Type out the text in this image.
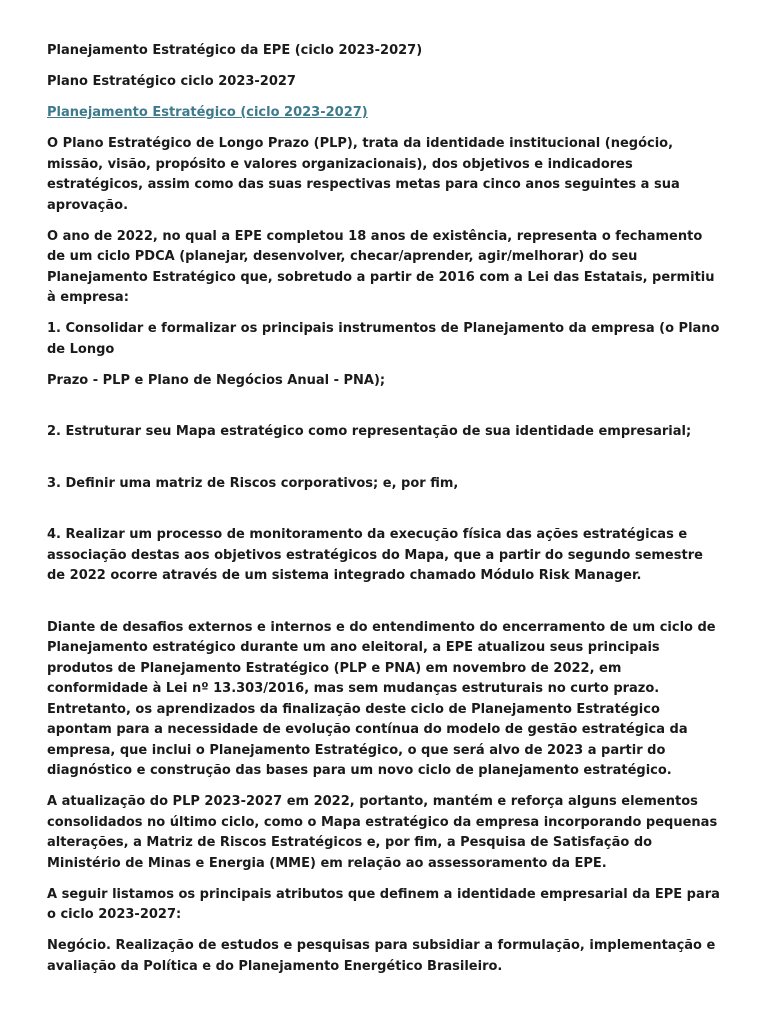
Planejamento Estratégico da EPE (ciclo 2023-2027)

Plano Estratégico ciclo 2023-2027

Planejamento Estratégico (ciclo 2023-2027)

O Plano Estratégico de Longo Prazo (PLP), trata da identidade institucional (negócio, missão, visão, propósito e valores organizacionais), dos objetivos e indicadores estratégicos, assim como das suas respectivas metas para cinco anos seguintes a sua aprovação.

O ano de 2022, no qual a EPE completou 18 anos de existência, representa o fechamento de um ciclo PDCA (planejar, desenvolver, checar/aprender, agir/melhorar) do seu Planejamento Estratégico que, sobretudo a partir de 2016 com a Lei das Estatais, permitiu à empresa:

1. Consolidar e formalizar os principais instrumentos de Planejamento da empresa (o Plano de Longo

Prazo - PLP e Plano de Negócios Anual - PNA);

2. Estruturar seu Mapa estratégico como representação de sua identidade empresarial;

3. Definir uma matriz de Riscos corporativos; e, por fim,

4. Realizar um processo de monitoramento da execução física das ações estratégicas e associação destas aos objetivos estratégicos do Mapa, que a partir do segundo semestre de 2022 ocorre através de um sistema integrado chamado Módulo Risk Manager.

Diante de desafios externos e internos e do entendimento do encerramento de um ciclo de Planejamento estratégico durante um ano eleitoral, a EPE atualizou seus principais produtos de Planejamento Estratégico (PLP e PNA) em novembro de 2022, em conformidade à Lei nº 13.303/2016, mas sem mudanças estruturais no curto prazo. Entretanto, os aprendizados da finalização deste ciclo de Planejamento Estratégico apontam para a necessidade de evolução contínua do modelo de gestão estratégica da empresa, que inclui o Planejamento Estratégico, o que será alvo de 2023 a partir do diagnóstico e construção das bases para um novo ciclo de planejamento estratégico.

A atualização do PLP 2023-2027 em 2022, portanto, mantém e reforça alguns elementos consolidados no último ciclo, como o Mapa estratégico da empresa incorporando pequenas alterações, a Matriz de Riscos Estratégicos e, por fim, a Pesquisa de Satisfação do Ministério de Minas e Energia (MME) em relação ao assessoramento da EPE.

A seguir listamos os principais atributos que definem a identidade empresarial da EPE para o ciclo 2023-2027:

Negócio. Realização de estudos e pesquisas para subsidiar a formulação, implementação e avaliação da Política e do Planejamento Energético Brasileiro.
